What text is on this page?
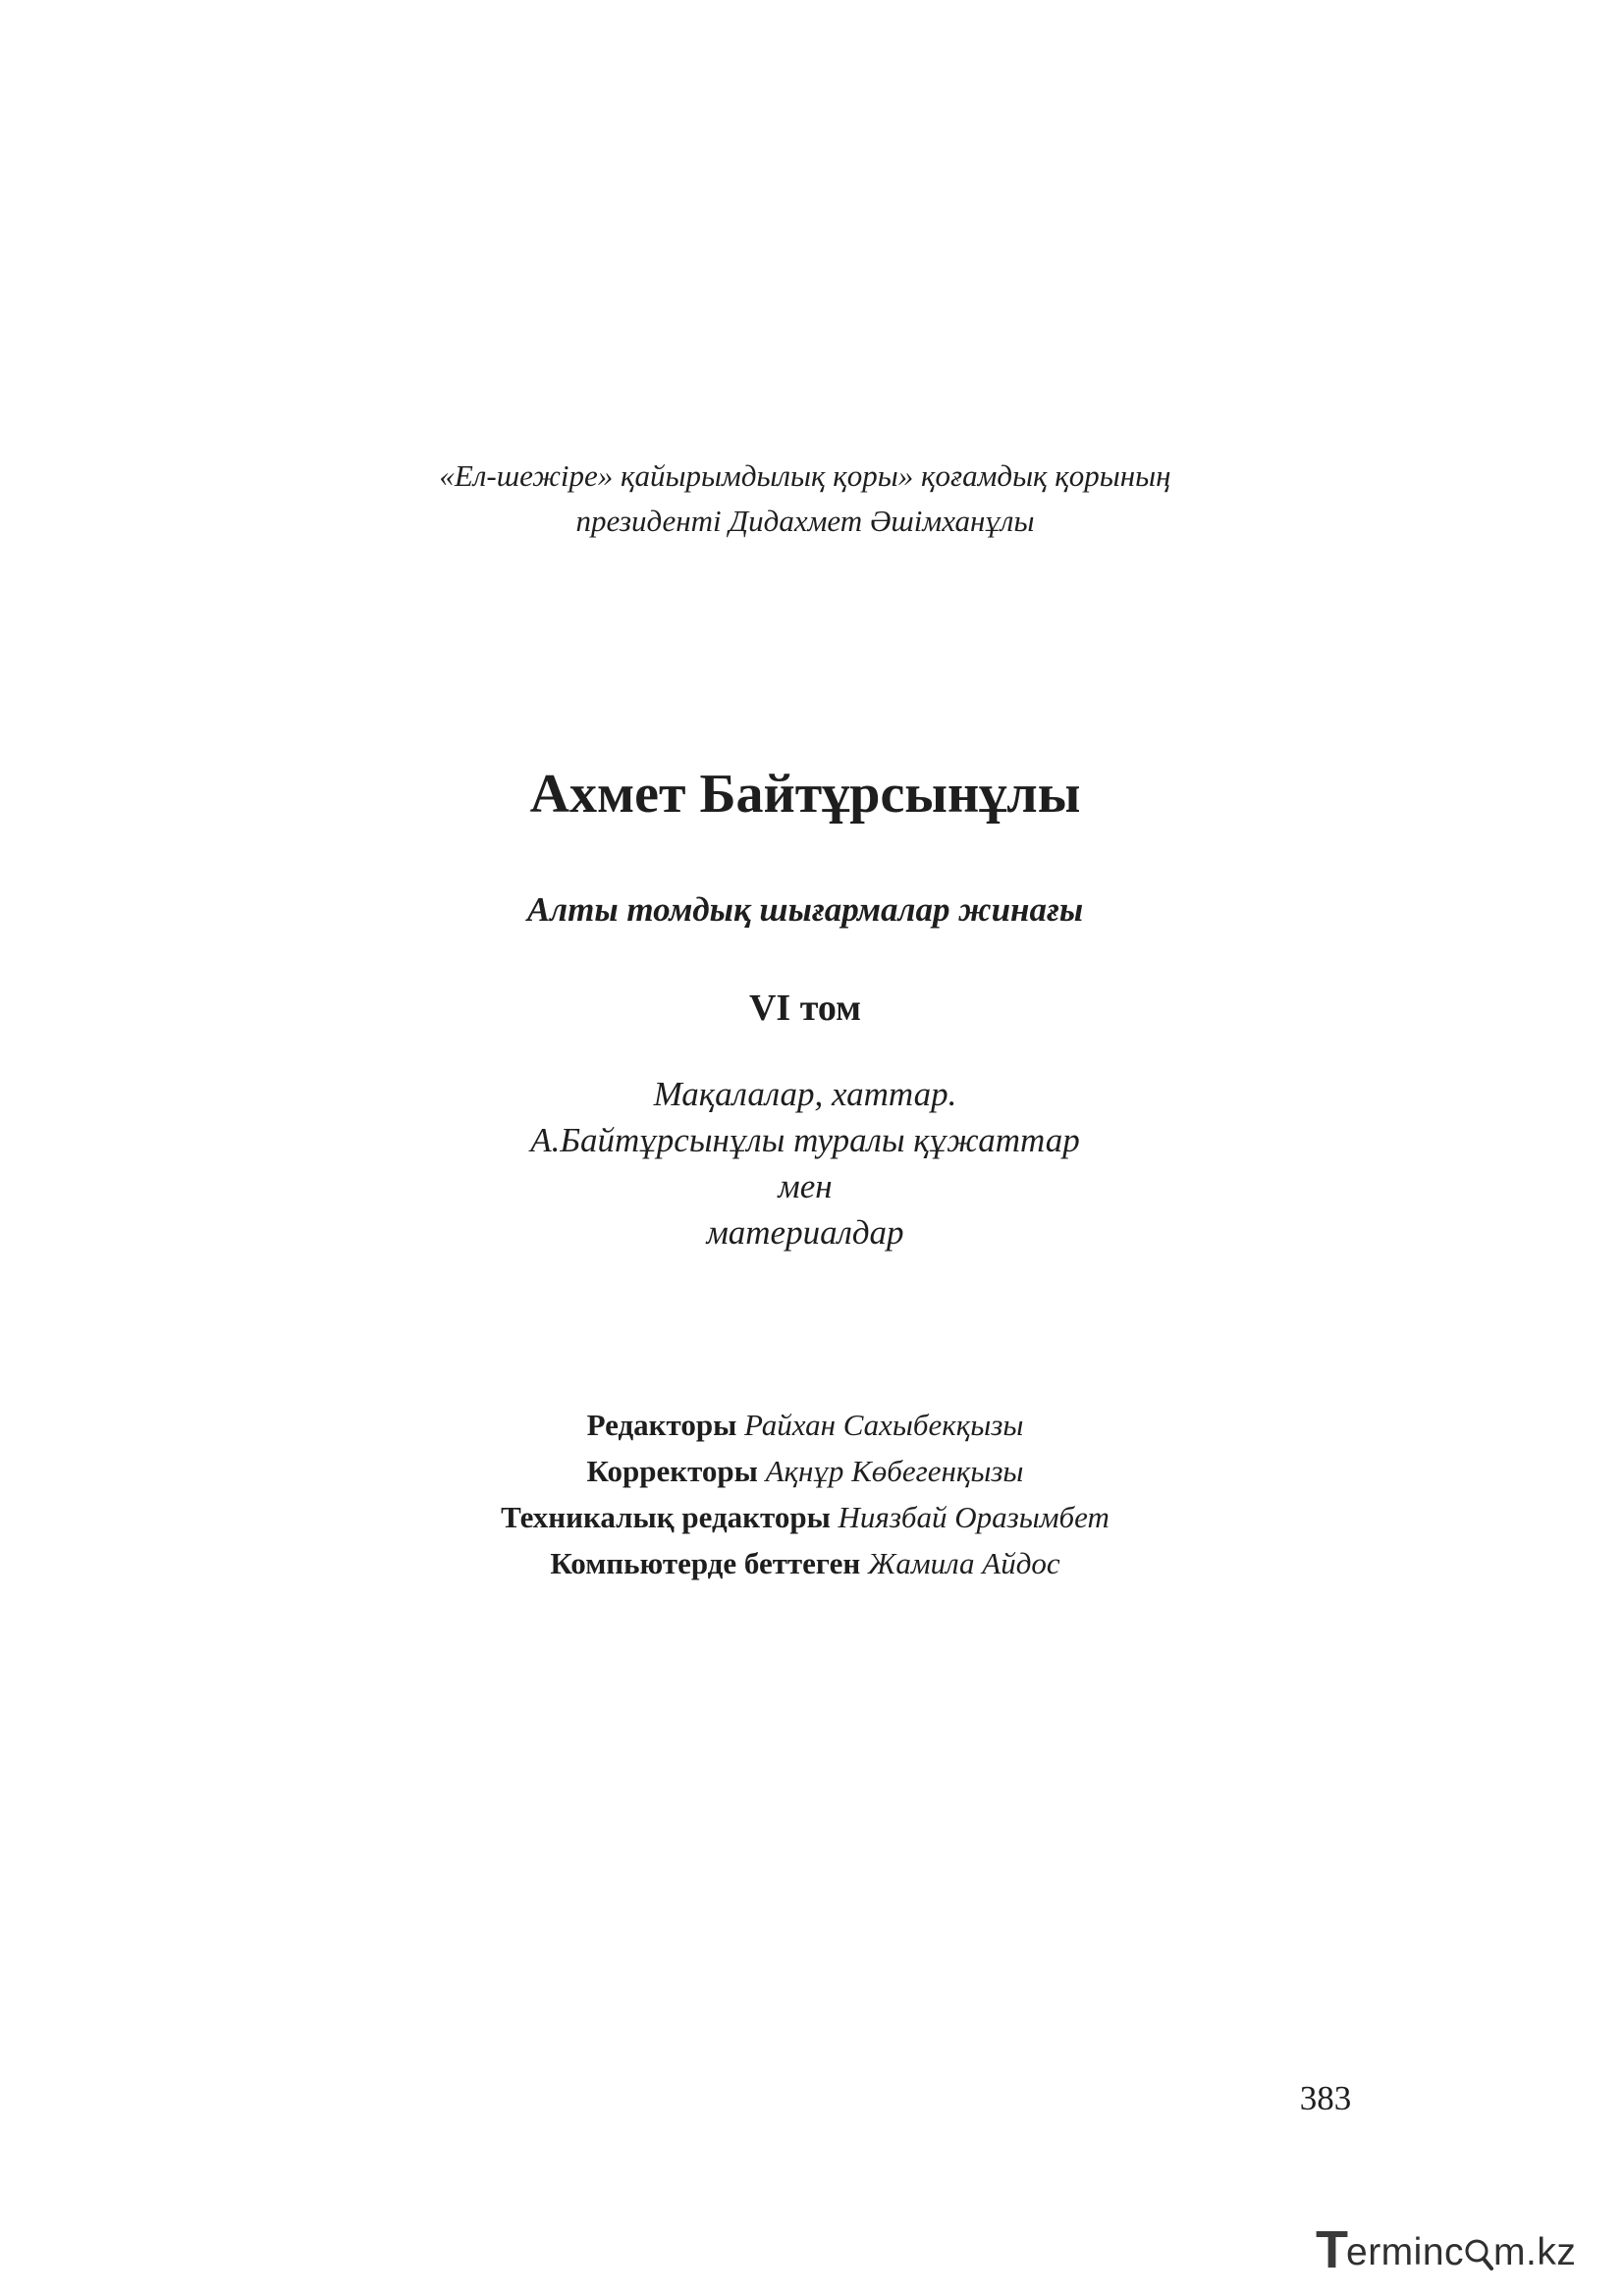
«Ел-шежіре» қайырымдылық қоры» қоғамдық қорының
президенті Дидахмет Әшімханұлы
Ахмет Байтұрсынұлы
Алты томдық шығармалар жинағы
VI том
Мақалалар, хаттар.
А.Байтұрсынұлы туралы құжаттар
мен
материалдар
Редакторы Райхан Сахыбекқызы
Корректоры Ақнұр Көбегенқызы
Техникалық редакторы Ниязбай Оразымбет
Компьютерде беттеген Жамила Айдос
383
T erminc m.kz
